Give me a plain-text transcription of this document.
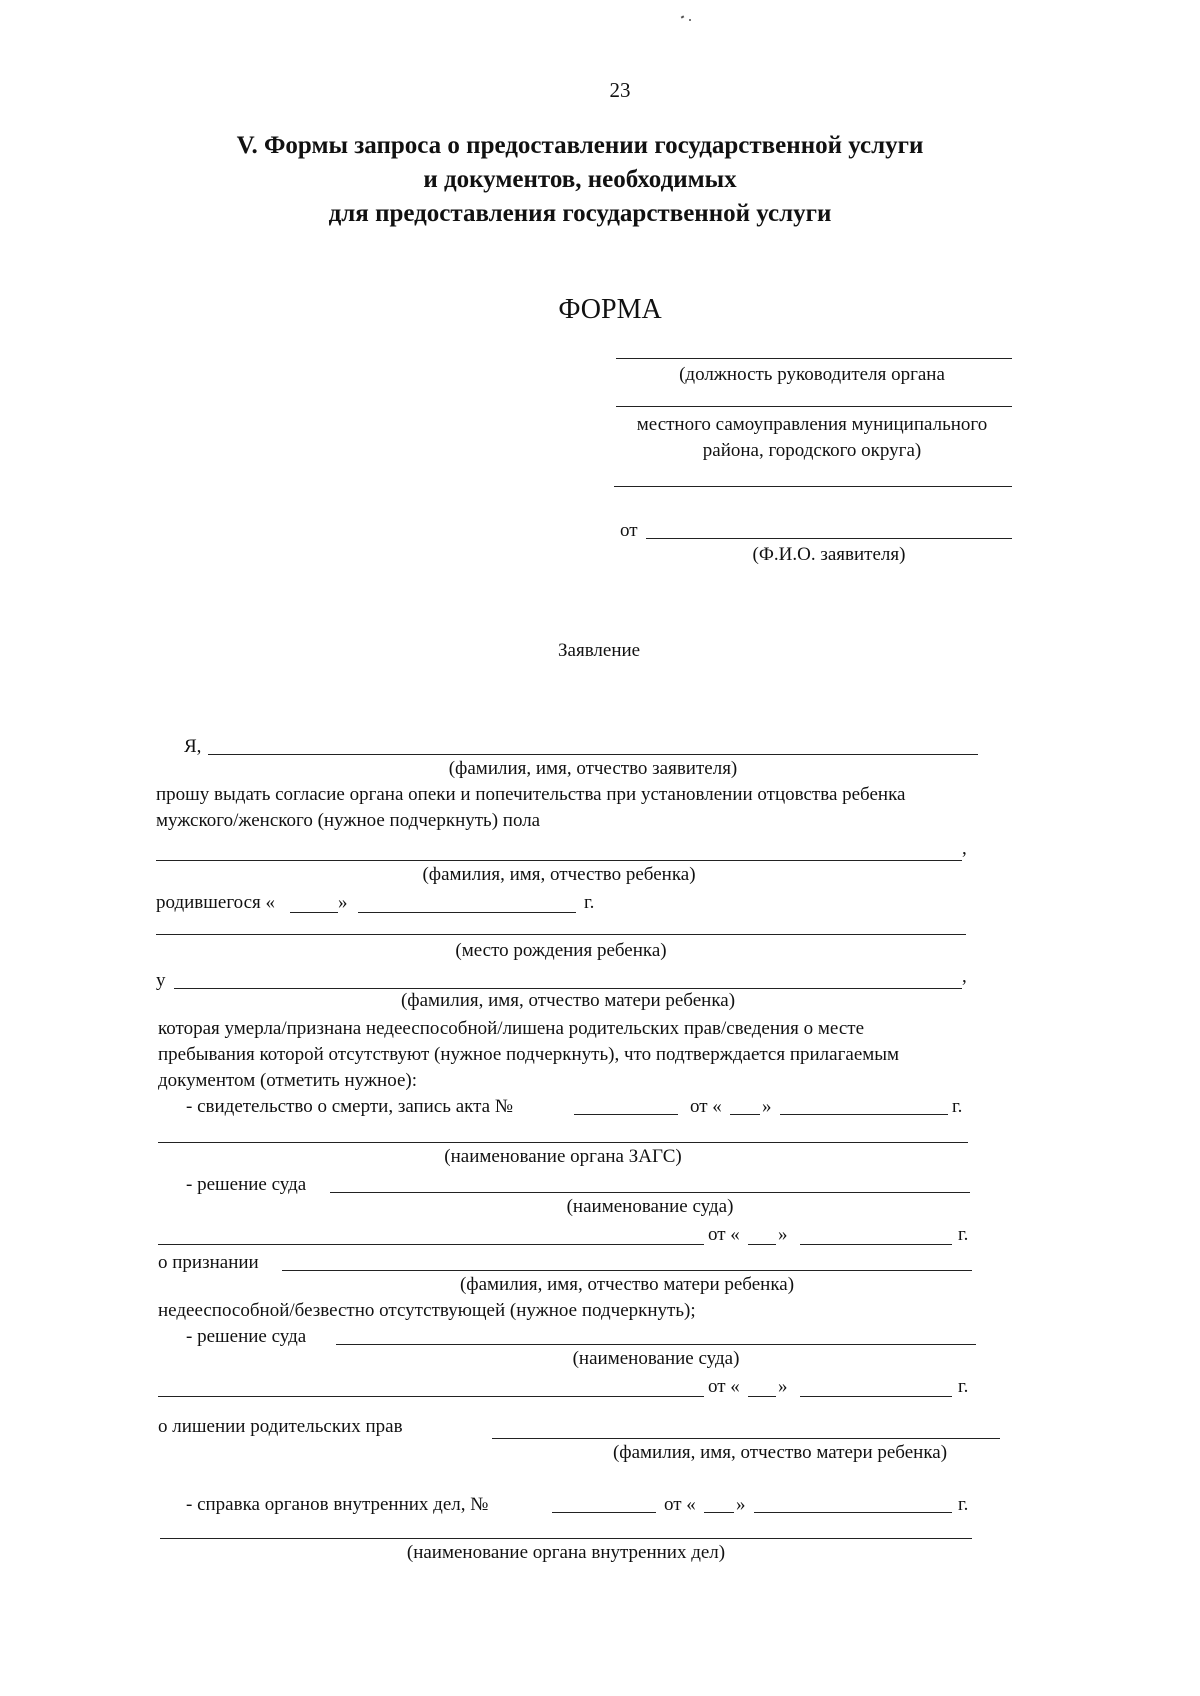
23
V. Формы запроса о предоставлении государственной услуги
и документов, необходимых
для предоставления государственной услуги
ФОРМА
(должность руководителя органа
местного самоуправления муниципального
района, городского округа)
от
(Ф.И.О. заявителя)
Заявление
Я,
(фамилия, имя, отчество заявителя)
прошу выдать согласие органа опеки и попечительства при установлении отцовства ребенка
мужского/женского (нужное подчеркнуть) пола
,
(фамилия, имя, отчество ребенка)
родившегося «	»	г.
(место рождения ребенка)
у	,
(фамилия, имя, отчество матери ребенка)
которая умерла/признана недееспособной/лишена родительских прав/сведения о месте
пребывания которой отсутствуют (нужное подчеркнуть), что подтверждается прилагаемым
документом (отметить нужное):
- свидетельство о смерти, запись акта №	от « »	г.
(наименование органа ЗАГС)
- решение суда
(наименование суда)
от « »	г.
о признании
(фамилия, имя, отчество матери ребенка)
недееспособной/безвестно отсутствующей (нужное подчеркнуть);
- решение суда
(наименование суда)
от « »	г.
о лишении родительских прав
(фамилия, имя, отчество матери ребенка)
- справка органов внутренних дел, №	от « »	г.
(наименование органа внутренних дел)
